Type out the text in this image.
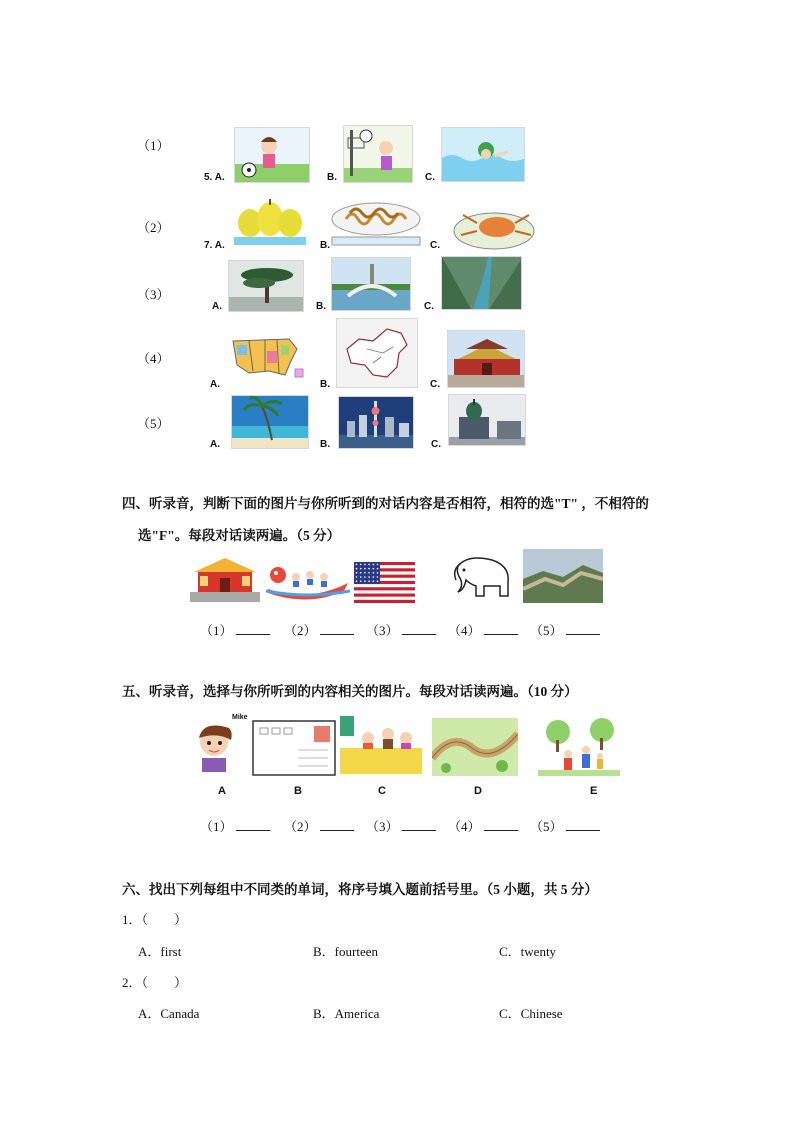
（1）
5. A.	B.	C.
（2）
7. A.	B.	C.
（3）
A.	B.	C.
（4）
A.	B.	C.
（5）
A.	B.	C.
四、听录音，判断下面的图片与你所听到的对话内容是否相符，相符的选"T" ，不相符的
选"F"。每段对话读两遍。（5 分）
（1）	（2）	（3）	（4）	（5）
五、听录音，选择与你所听到的内容相关的图片。每段对话读两遍。（10 分）
Mike
A	B	C	D	E
（1）	（2）	（3）	（4）	（5）
六、找出下列每组中不同类的单词，将序号填入题前括号里。（5 小题，共 5 分）
1．（　　）
A．first	B．fourteen	C．twenty
2．（　　）
A．Canada	B．America	C．Chinese
